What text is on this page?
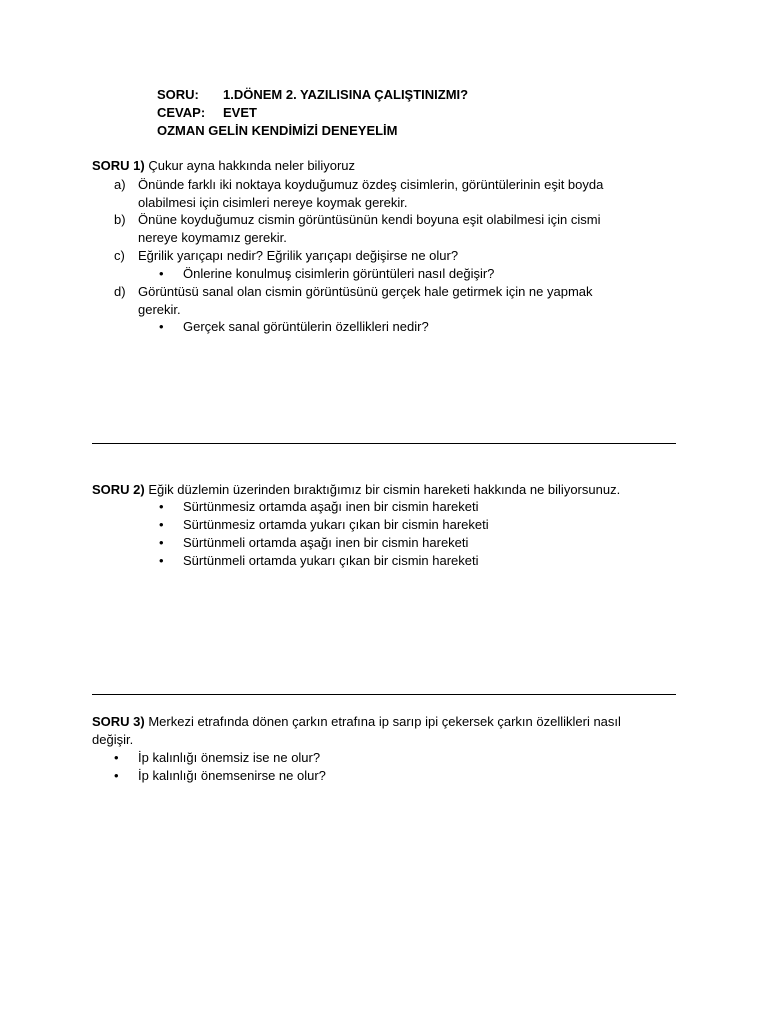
SORU: 1.DÖNEM 2. YAZILISINA ÇALIŞTINIZMI?
CEVAP: EVET
OZMAN GELİN KENDİMİZİ DENEYELİM
SORU 1) Çukur ayna hakkında neler biliyoruz
a) Önünde farklı iki noktaya koyduğumuz özdeş cisimlerin, görüntülerinin eşit boyda
olabilmesi için cisimleri nereye koymak gerekir.
b) Önüne koyduğumuz cismin görüntüsünün kendi boyuna eşit olabilmesi için cismi
nereye koymamız gerekir.
c) Eğrilik yarıçapı nedir? Eğrilik yarıçapı değişirse ne olur?
• Önlerine konulmuş cisimlerin görüntüleri nasıl değişir?
d) Görüntüsü sanal olan cismin görüntüsünü gerçek hale getirmek için ne yapmak
gerekir.
• Gerçek sanal görüntülerin özellikleri nedir?
SORU 2) Eğik düzlemin üzerinden bıraktığımız bir cismin hareketi hakkında ne biliyorsunuz.
• Sürtünmesiz ortamda aşağı inen bir cismin hareketi
• Sürtünmesiz ortamda yukarı çıkan bir cismin hareketi
• Sürtünmeli ortamda aşağı inen bir cismin hareketi
• Sürtünmeli ortamda yukarı çıkan bir cismin hareketi
SORU 3) Merkezi etrafında dönen çarkın etrafına ip sarıp ipi çekersek çarkın özellikleri nasıl
değişir.
• İp kalınlığı önemsiz ise ne olur?
• İp kalınlığı önemsenirse ne olur?
